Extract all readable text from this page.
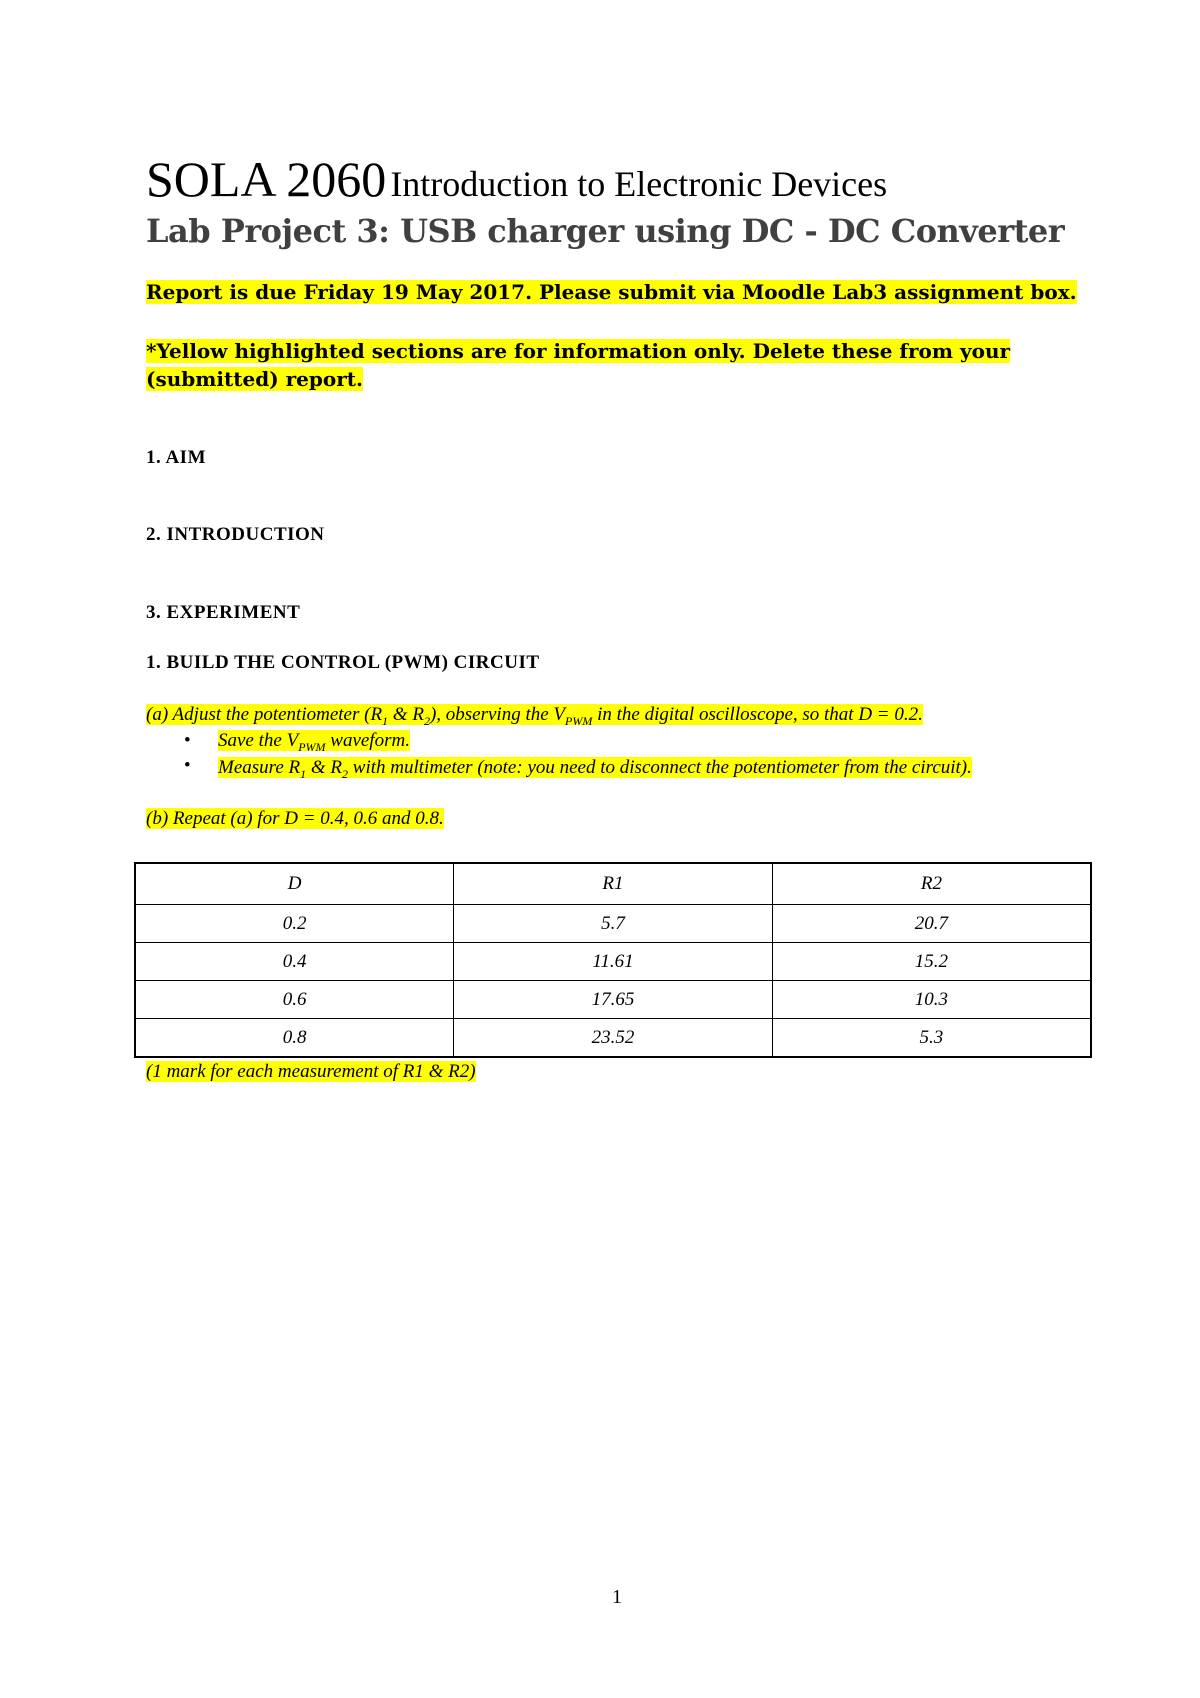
SOLA 2060 Introduction to Electronic Devices
Lab Project 3: USB charger using DC - DC Converter
Report is due Friday 19 May 2017. Please submit via Moodle Lab3 assignment box.
*Yellow highlighted sections are for information only. Delete these from your (submitted) report.
1. AIM
2. INTRODUCTION
3. EXPERIMENT
1. BUILD THE CONTROL (PWM) CIRCUIT
(a) Adjust the potentiometer ($R_1$ & $R_2$), observing the $V_{PWM}$ in the digital oscilloscope, so that D = 0.2.
• Save the $V_{PWM}$ waveform.
• Measure $R_1$ & $R_2$ with multimeter (note: you need to disconnect the potentiometer from the circuit).
(b) Repeat (a) for D = 0.4, 0.6 and 0.8.
D	R1	R2
0.2	5.7	20.7
0.4	11.61	15.2
0.6	17.65	10.3
0.8	23.52	5.3
(1 mark for each measurement of R1 & R2)
1
